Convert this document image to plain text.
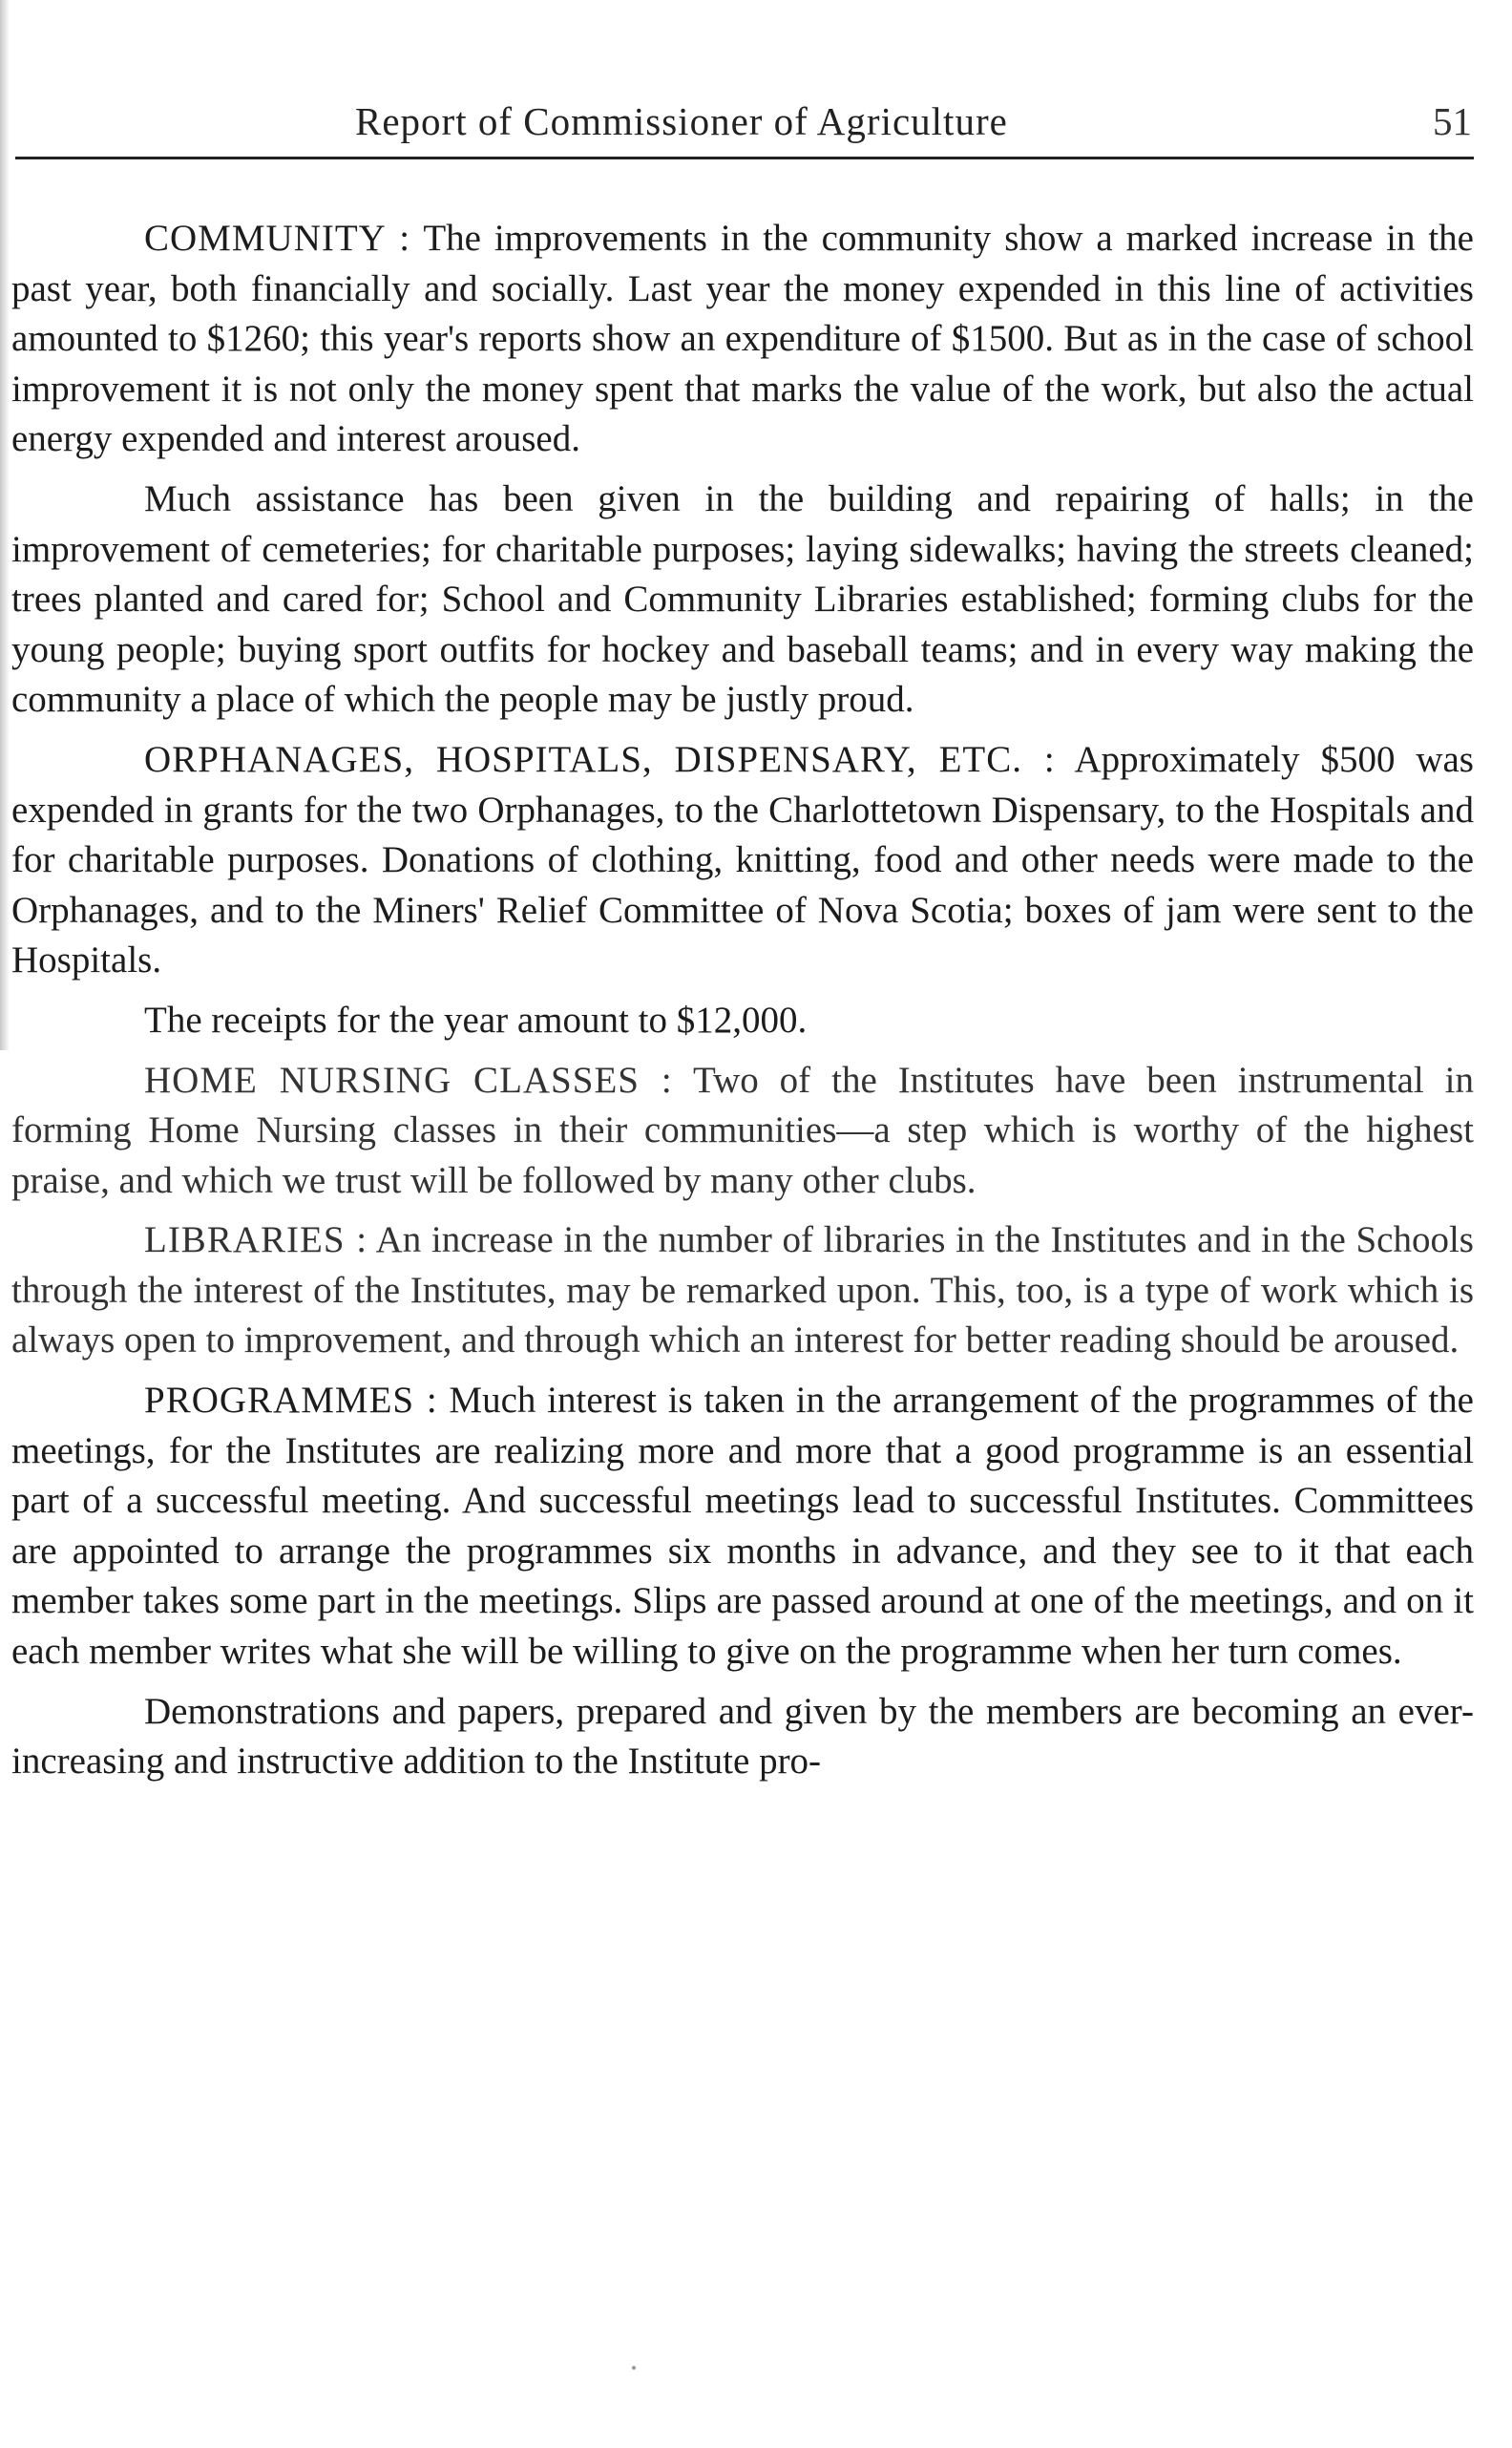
Report of Commissioner of Agriculture	51

COMMUNITY : The improvements in the community show a marked increase in the past year, both financially and socially. Last year the money expended in this line of activities amounted to $1260; this year's reports show an expenditure of $1500. But as in the case of school improvement it is not only the money spent that marks the value of the work, but also the actual energy expended and interest aroused.

Much assistance has been given in the building and repairing of halls; in the improvement of cemeteries; for charitable purposes; laying sidewalks; having the streets cleaned; trees planted and cared for; School and Community Libraries established; forming clubs for the young people; buying sport outfits for hockey and baseball teams; and in every way making the community a place of which the people may be justly proud.

ORPHANAGES, HOSPITALS, DISPENSARY, ETC. : Approximately $500 was expended in grants for the two Orphanages, to the Charlottetown Dispensary, to the Hospitals and for charitable purposes. Donations of clothing, knitting, food and other needs were made to the Orphanages, and to the Miners' Relief Committee of Nova Scotia; boxes of jam were sent to the Hospitals.

The receipts for the year amount to $12,000.

HOME NURSING CLASSES : Two of the Institutes have been instrumental in forming Home Nursing classes in their communities—a step which is worthy of the highest praise, and which we trust will be followed by many other clubs.

LIBRARIES : An increase in the number of libraries in the Institutes and in the Schools through the interest of the Institutes, may be remarked upon. This, too, is a type of work which is always open to improvement, and through which an interest for better reading should be aroused.

PROGRAMMES : Much interest is taken in the arrangement of the programmes of the meetings, for the Institutes are realizing more and more that a good programme is an essential part of a successful meeting. And successful meetings lead to successful Institutes. Committees are appointed to arrange the programmes six months in advance, and they see to it that each member takes some part in the meetings. Slips are passed around at one of the meetings, and on it each member writes what she will be willing to give on the programme when her turn comes.

Demonstrations and papers, prepared and given by the members are becoming an ever-increasing and instructive addition to the Institute pro-
